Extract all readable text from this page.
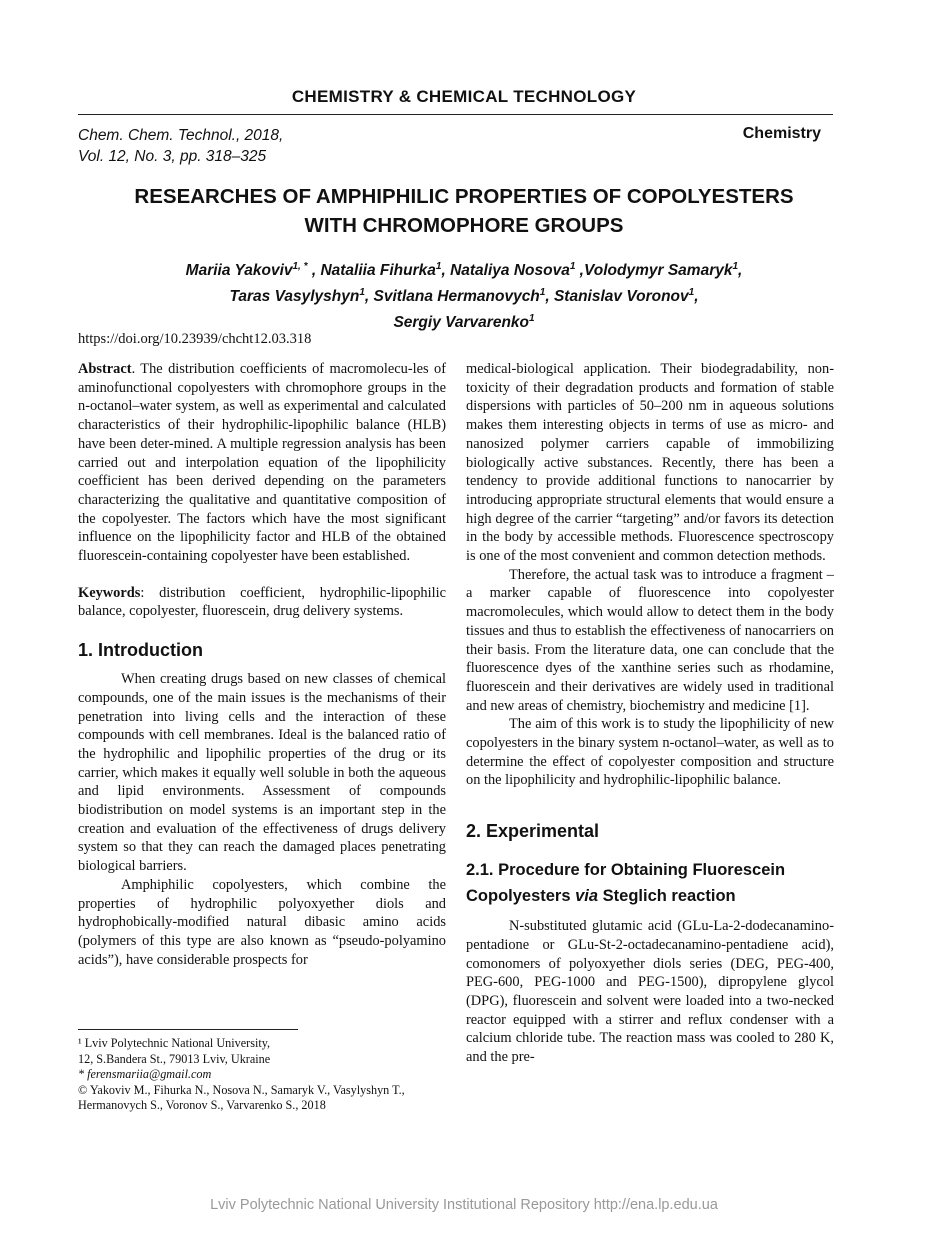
CHEMISTRY & CHEMICAL TECHNOLOGY
Chem. Chem. Technol., 2018,
Vol. 12, No. 3, pp. 318–325
Chemistry
RESEARCHES OF AMPHIPHILIC PROPERTIES OF COPOLYESTERS
WITH CHROMOPHORE GROUPS
Mariia Yakoviv$^{1, *}$ , Nataliia Fihurka$^1$, Nataliya Nosova$^1$ ,Volodymyr Samaryk$^1$,
Taras Vasylyshyn$^1$, Svitlana Hermanovych$^1$, Stanislav Voronov$^1$,
Sergiy Varvarenko$^1$
https://doi.org/10.23939/chcht12.03.318

Abstract. The distribution coefficients of macromolecu-les of aminofunctional copolyesters with chromophore groups in the n-octanol–water system, as well as experimental and calculated characteristics of their hydrophilic-lipophilic balance (HLB) have been deter-mined. A multiple regression analysis has been carried out and interpolation equation of the lipophilicity coefficient has been derived depending on the parameters characterizing the qualitative and quantitative composition of the copolyester. The factors which have the most significant influence on the lipophilicity factor and HLB of the obtained fluorescein-containing copolyester have been established.

Keywords: distribution coefficient, hydrophilic-lipophilic balance, copolyester, fluorescein, drug delivery systems.

1. Introduction

When creating drugs based on new classes of chemical compounds, one of the main issues is the mechanisms of their penetration into living cells and the interaction of these compounds with cell membranes. Ideal is the balanced ratio of the hydrophilic and lipophilic properties of the drug or its carrier, which makes it equally well soluble in both the aqueous and lipid environments. Assessment of compounds biodistribution on model systems is an important step in the creation and evaluation of the effectiveness of drugs delivery system so that they can reach the damaged places penetrating biological barriers.

Amphiphilic copolyesters, which combine the properties of hydrophilic polyoxyether diols and hydrophobically-modified natural dibasic amino acids (polymers of this type are also known as “pseudo-polyamino acids”), have considerable prospects for

medical-biological application. Their biodegradability, non-toxicity of their degradation products and formation of stable dispersions with particles of 50–200 nm in aqueous solutions makes them interesting objects in terms of use as micro- and nanosized polymer carriers capable of immobilizing biologically active substances. Recently, there has been a tendency to provide additional functions to nanocarrier by introducing appropriate structural elements that would ensure a high degree of the carrier “targeting” and/or favors its detection in the body by accessible methods. Fluorescence spectroscopy is one of the most convenient and common detection methods.

Therefore, the actual task was to introduce a fragment – a marker capable of fluorescence into copolyester macromolecules, which would allow to detect them in the body tissues and thus to establish the effectiveness of nanocarriers on their basis. From the literature data, one can conclude that the fluorescence dyes of the xanthine series such as rhodamine, fluorescein and their derivatives are widely used in traditional and new areas of chemistry, biochemistry and medicine [1].

The aim of this work is to study the lipophilicity of new copolyesters in the binary system n-octanol–water, as well as to determine the effect of copolyester composition and structure on the lipophilicity and hydrophilic-lipophilic balance.

2. Experimental
2.1. Procedure for Obtaining Fluorescein Copolyesters via Steglich reaction

N-substituted glutamic acid (GLu-La-2-dodecanamino-pentadione or GLu-St-2-octadecanamino-pentadiene acid), comonomers of polyoxyether diols series (DEG, PEG-400, PEG-600, PEG-1000 and PEG-1500), dipropylene glycol (DPG), fluorescein and solvent were loaded into a two-necked reactor equipped with a stirrer and reflux condenser with a calcium chloride tube. The reaction mass was cooled to 280 K, and the pre-

¹ Lviv Polytechnic National University,
12, S.Bandera St., 79013 Lviv, Ukraine
* ferensmariia@gmail.com
© Yakoviv M., Fihurka N., Nosova N., Samaryk V., Vasylyshyn T.,
Hermanovych S., Voronov S., Varvarenko S., 2018
Lviv Polytechnic National University Institutional Repository http://ena.lp.edu.ua
